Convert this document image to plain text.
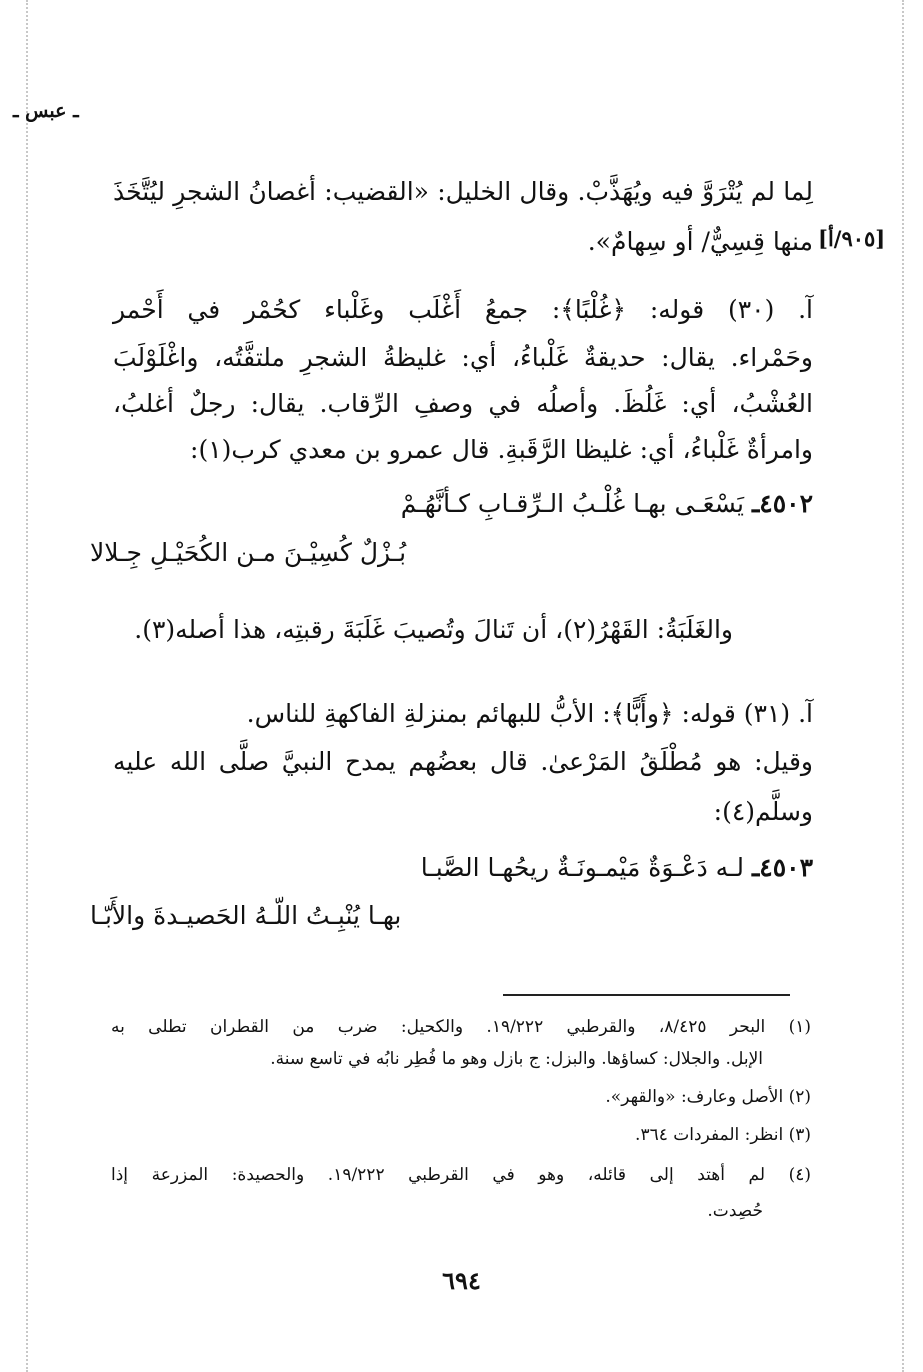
ـ عبس ـ
[٩٠٥/أ]
لِما لم يُتْرَوَّ فيه ويُهَذَّبْ. وقال الخليل: «القضيب: أغصانُ الشجرِ ليُتَّخَذَ
منها قِسِيٌّ/ أو سِهامٌ».
آ. (٣٠) قوله: ﴿غُلْبًا﴾: جمعُ أَغْلَب وغَلْباء كحُمْر في أَحْمر
وحَمْراء. يقال: حديقةٌ غَلْباءُ، أي: غليظةُ الشجرِ ملتفَّتُه، واغْلَوْلَبَ
العُشْبُ، أي: غَلُظَ. وأصلُه في وصفِ الرِّقاب. يقال: رجلٌ أغلبُ،
وامرأةٌ غَلْباءُ، أي: غليظا الرَّقَبةِ. قال عمرو بن معدي كرب(١):
٤٥٠٢ـ يَسْعَـى بهـا غُلْـبُ الـرِّقـابِ كـأنَّهُـمْ
بُـزْلٌ كُسِيْـنَ مـن الكُحَيْـلِ جِـلالا
والغَلَبَةُ: القَهْرُ(٢)، أن تَنالَ وتُصيبَ غَلَبَةَ رقبتِه، هذا أصله(٣).
آ. (٣١) قوله: ﴿وأَبًّا﴾: الأبُّ للبهائم بمنزلةِ الفاكهةِ للناس.
وقيل: هو مُطْلَقُ المَرْعىٰ. قال بعضُهم يمدح النبيَّ صلَّى الله عليه
وسلَّم(٤):
٤٥٠٣ـ لـه دَعْـوَةٌ مَيْمـونَـةٌ ريحُهـا الصَّبـا
بهـا يُنْبِـتُ اللّـهُ الحَصيـدةَ والأَبّـا
(١) البحر ٨/٤٢٥، والقرطبي ١٩/٢٢٢. والكحيل: ضرب من القطران تطلى به
الإبل. والجلال: كساؤها. والبزل: ج بازل وهو ما فُطِر نابُه في تاسع سنة.
(٢) الأصل وعارف: «والقهر».
(٣) انظر: المفردات ٣٦٤.
(٤) لم أهتد إلى قائله، وهو في القرطبي ١٩/٢٢٢. والحصيدة: المزرعة إذا
حُصِدت.
٦٩٤
